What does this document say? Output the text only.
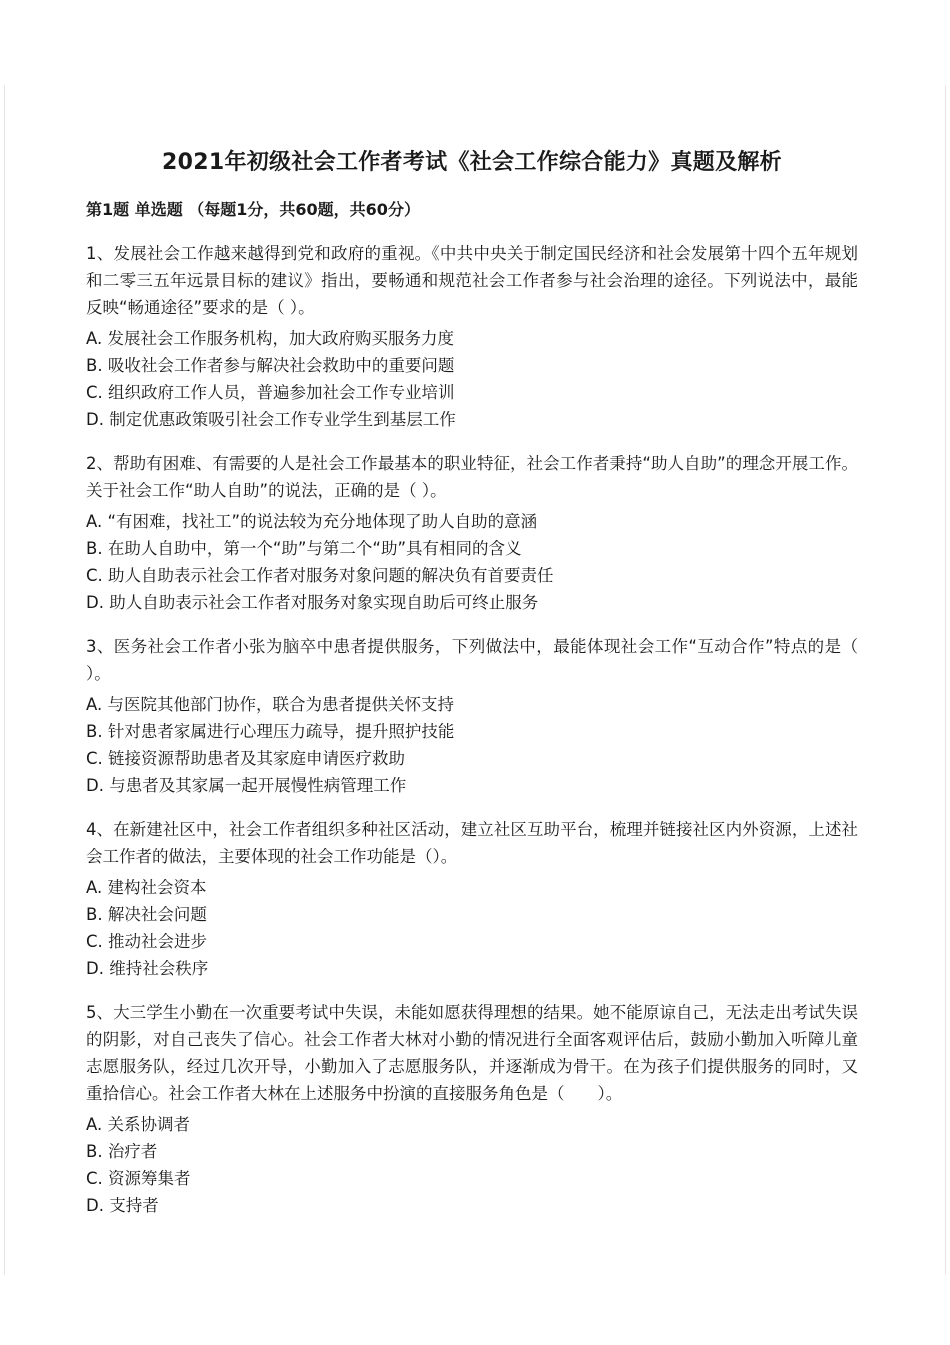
2021年初级社会工作者考试《社会工作综合能力》真题及解析
第1题 单选题 （每题1分，共60题，共60分）

1、发展社会工作越来越得到党和政府的重视。《中共中央关于制定国民经济和社会发展第十四个五年规划和二零三五年远景目标的建议》指出，要畅通和规范社会工作者参与社会治理的途径。下列说法中，最能反映“畅通途径”要求的是（ ）。

A. 发展社会工作服务机构，加大政府购买服务力度
B. 吸收社会工作者参与解决社会救助中的重要问题
C. 组织政府工作人员，普遍参加社会工作专业培训
D. 制定优惠政策吸引社会工作专业学生到基层工作

2、帮助有困难、有需要的人是社会工作最基本的职业特征，社会工作者秉持“助人自助”的理念开展工作。关于社会工作“助人自助”的说法，正确的是（ ）。

A. “有困难，找社工”的说法较为充分地体现了助人自助的意涵
B. 在助人自助中，第一个“助”与第二个“助”具有相同的含义
C. 助人自助表示社会工作者对服务对象问题的解决负有首要责任
D. 助人自助表示社会工作者对服务对象实现自助后可终止服务

3、医务社会工作者小张为脑卒中患者提供服务，下列做法中，最能体现社会工作“互动合作”特点的是（ ）。

A. 与医院其他部门协作，联合为患者提供关怀支持
B. 针对患者家属进行心理压力疏导，提升照护技能
C. 链接资源帮助患者及其家庭申请医疗救助
D. 与患者及其家属一起开展慢性病管理工作

4、在新建社区中，社会工作者组织多种社区活动，建立社区互助平台，梳理并链接社区内外资源，上述社会工作者的做法，主要体现的社会工作功能是（）。

A. 建构社会资本
B. 解决社会问题
C. 推动社会进步
D. 维持社会秩序

5、大三学生小勤在一次重要考试中失误，未能如愿获得理想的结果。她不能原谅自己，无法走出考试失误的阴影，对自己丧失了信心。社会工作者大林对小勤的情况进行全面客观评估后，鼓励小勤加入听障儿童志愿服务队，经过几次开导，小勤加入了志愿服务队，并逐渐成为骨干。在为孩子们提供服务的同时，又重拾信心。社会工作者大林在上述服务中扮演的直接服务角色是（　　）。

A. 关系协调者
B. 治疗者
C. 资源筹集者
D. 支持者
